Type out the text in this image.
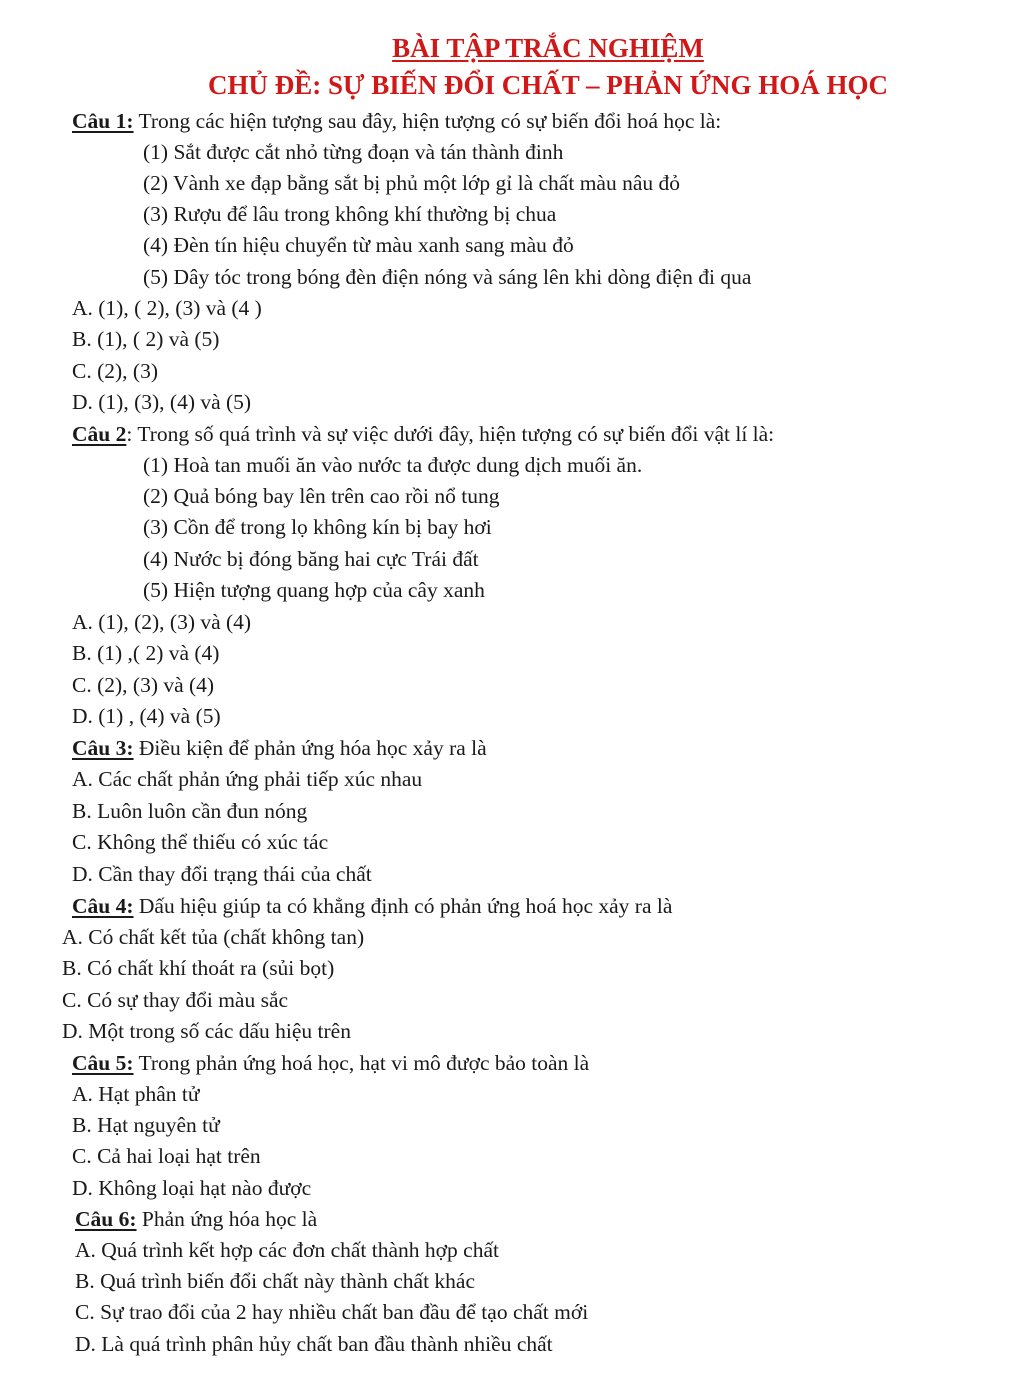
BÀI TẬP TRẮC NGHIỆM
CHỦ ĐỀ: SỰ BIẾN ĐỔI CHẤT – PHẢN ỨNG HOÁ HỌC
Câu 1: Trong các hiện tượng sau đây, hiện tượng có sự biến đổi hoá học là:
(1) Sắt được cắt nhỏ từng đoạn và tán thành đinh
(2) Vành xe đạp bằng sắt bị phủ một lớp gỉ là chất màu nâu đỏ
(3) Rượu để lâu trong không khí thường bị chua
(4) Đèn tín hiệu chuyển từ màu xanh sang màu đỏ
(5) Dây tóc trong bóng đèn điện nóng và sáng lên khi dòng điện đi qua
A. (1), ( 2), (3) và (4 )
B. (1), ( 2) và (5)
C. (2), (3)
D. (1), (3), (4) và (5)
Câu 2: Trong số quá trình và sự việc dưới đây, hiện tượng có sự biến đổi vật lí là:
(1) Hoà tan muối ăn vào nước ta được dung dịch muối ăn.
(2) Quả bóng bay lên trên cao rồi nổ tung
(3) Cồn để trong lọ không kín bị bay hơi
(4) Nước bị đóng băng hai cực Trái đất
(5) Hiện tượng quang hợp của cây xanh
A. (1), (2), (3) và (4)
B. (1) ,( 2) và (4)
C. (2), (3) và (4)
D. (1) , (4) và (5)
Câu 3: Điều kiện để phản ứng hóa học xảy ra là
A. Các chất phản ứng phải tiếp xúc nhau
B. Luôn luôn cần đun nóng
C. Không thể thiếu có xúc tác
D. Cần thay đổi trạng thái của chất
Câu 4: Dấu hiệu giúp ta có khẳng định có phản ứng hoá học xảy ra là
A. Có chất kết tủa (chất không tan)
B. Có chất khí thoát ra (sủi bọt)
C. Có sự thay đổi màu sắc
D. Một trong số các dấu hiệu trên
Câu 5: Trong phản ứng hoá học, hạt vi mô được bảo toàn là
A. Hạt phân tử
B. Hạt nguyên tử
C. Cả hai loại hạt trên
D. Không loại hạt nào được
Câu 6: Phản ứng hóa học là
A. Quá trình kết hợp các đơn chất thành hợp chất
B. Quá trình biến đổi chất này thành chất khác
C. Sự trao đổi của 2 hay nhiều chất ban đầu để tạo chất mới
D. Là quá trình phân hủy chất ban đầu thành nhiều chất
